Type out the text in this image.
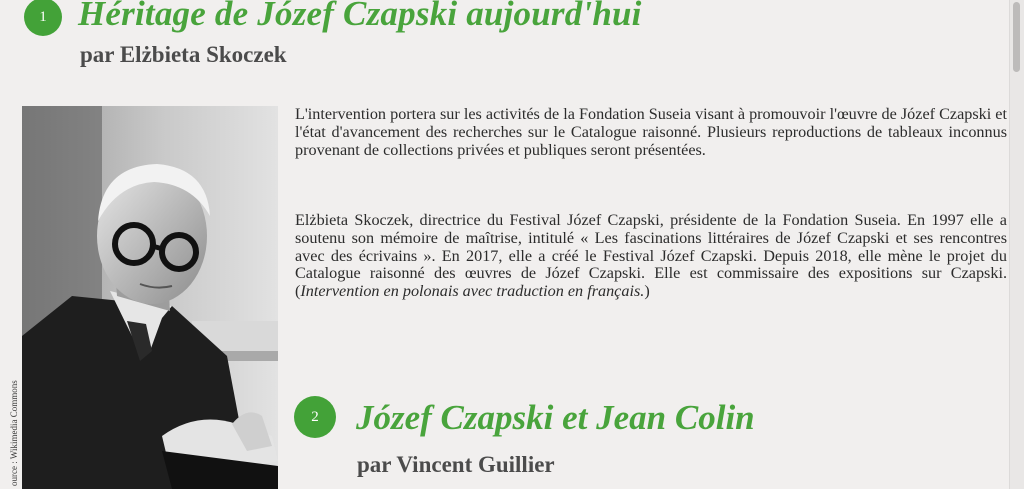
1 Héritage de Józef Czapski aujourd'hui
par Elżbieta Skoczek
ource : Wikimedia Commons

L'intervention portera sur les activités de la Fondation Suseia visant à promouvoir l'œuvre de Józef Czapski et l'état d'avancement des recherches sur le Catalogue raisonné. Plusieurs reproductions de tableaux inconnus provenant de collections privées et publiques seront présentées.

Elżbieta Skoczek, directrice du Festival Józef Czapski, présidente de la Fondation Suseia. En 1997 elle a soutenu son mémoire de maîtrise, intitulé « Les fascinations littéraires de Józef Czapski et ses rencontres avec des écrivains ». En 2017, elle a créé le Festival Józef Czapski. Depuis 2018, elle mène le projet du Catalogue raisonné des œuvres de Józef Czapski. Elle est commissaire des expositions sur Czapski. (Intervention en polonais avec traduction en français.)

2 Józef Czapski et Jean Colin
par Vincent Guillier
